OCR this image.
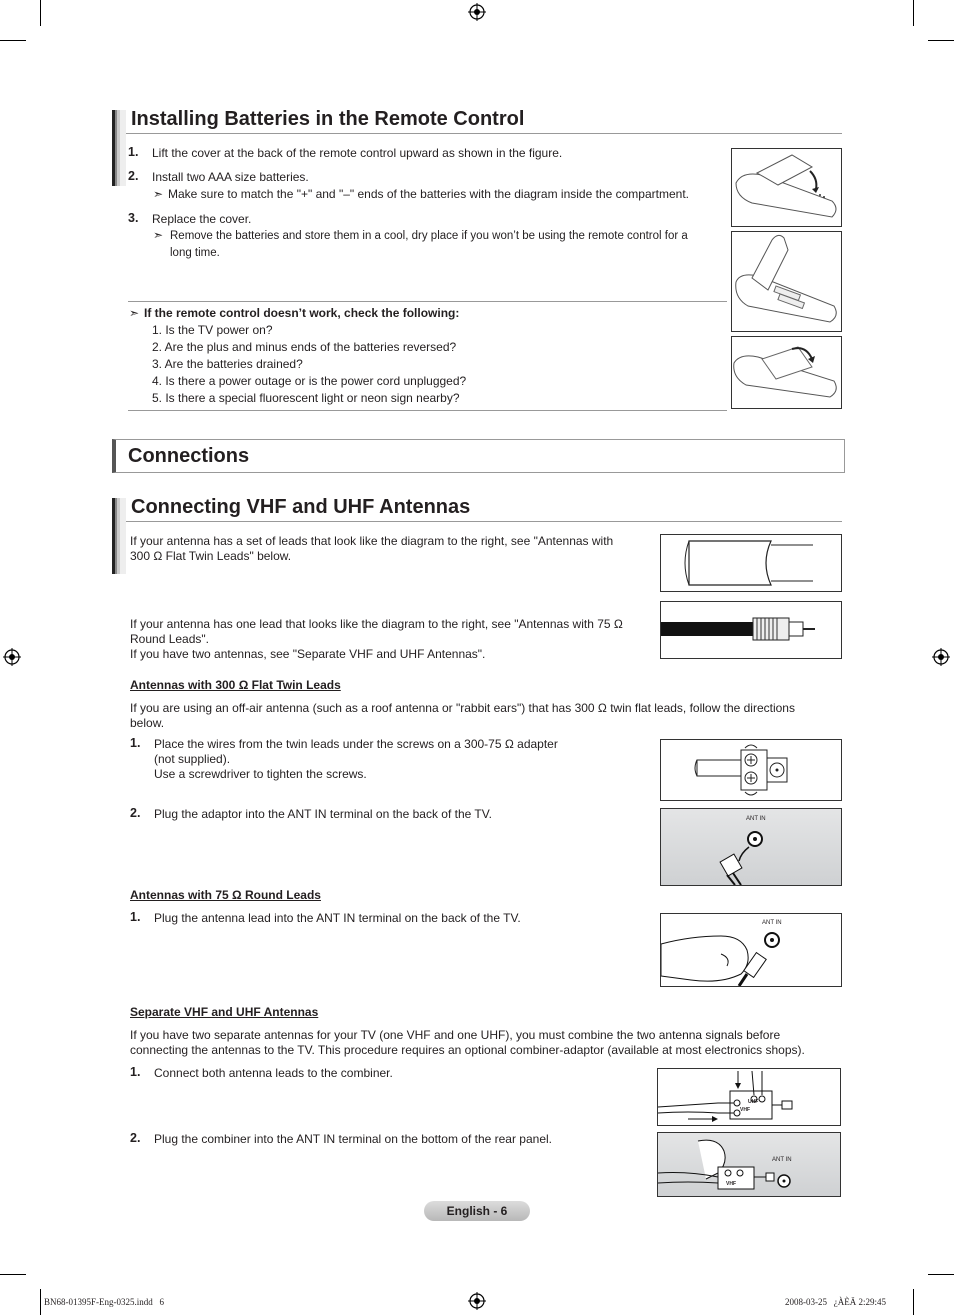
Installing Batteries in the Remote Control
1. Lift the cover at the back of the remote control upward as shown in the figure.
2. Install two AAA size batteries.
➣ Make sure to match the "+" and "–" ends of the batteries with the diagram inside the compartment.
3. Replace the cover.
➣ Remove the batteries and store them in a cool, dry place if you won’t be using the remote control for a long time.
➣ If the remote control doesn’t work, check the following:
1. Is the TV power on?
2. Are the plus and minus ends of the batteries reversed?
3. Are the batteries drained?
4. Is there a power outage or is the power cord unplugged?
5. Is there a special fluorescent light or neon sign nearby?
Connections
Connecting VHF and UHF Antennas
If your antenna has a set of leads that look like the diagram to the right, see "Antennas with 300 Ω Flat Twin Leads" below.
If your antenna has one lead that looks like the diagram to the right, see "Antennas with 75 Ω Round Leads".
If you have two antennas, see "Separate VHF and UHF Antennas".
Antennas with 300 Ω Flat Twin Leads
If you are using an off-air antenna (such as a roof antenna or "rabbit ears") that has 300 Ω twin flat leads, follow the directions below.
1. Place the wires from the twin leads under the screws on a 300-75 Ω adapter
(not supplied).
Use a screwdriver to tighten the screws.
2. Plug the adaptor into the ANT IN terminal on the back of the TV.	ANT IN
Antennas with 75 Ω Round Leads
1. Plug the antenna lead into the ANT IN terminal on the back of the TV.	ANT IN
Separate VHF and UHF Antennas
If you have two separate antennas for your TV (one VHF and one UHF), you must combine the two antenna signals before connecting the antennas to the TV. This procedure requires an optional combiner-adaptor (available at most electronics shops).
1. Connect both antenna leads to the combiner.
2. Plug the combiner into the ANT IN terminal on the bottom of the rear panel.
UHF
VHF
ANT IN
VHF
English - 6
BN68-01395F-Eng-0325.indd   6	2008-03-25   ¿ÀÈÄ 2:29:45
